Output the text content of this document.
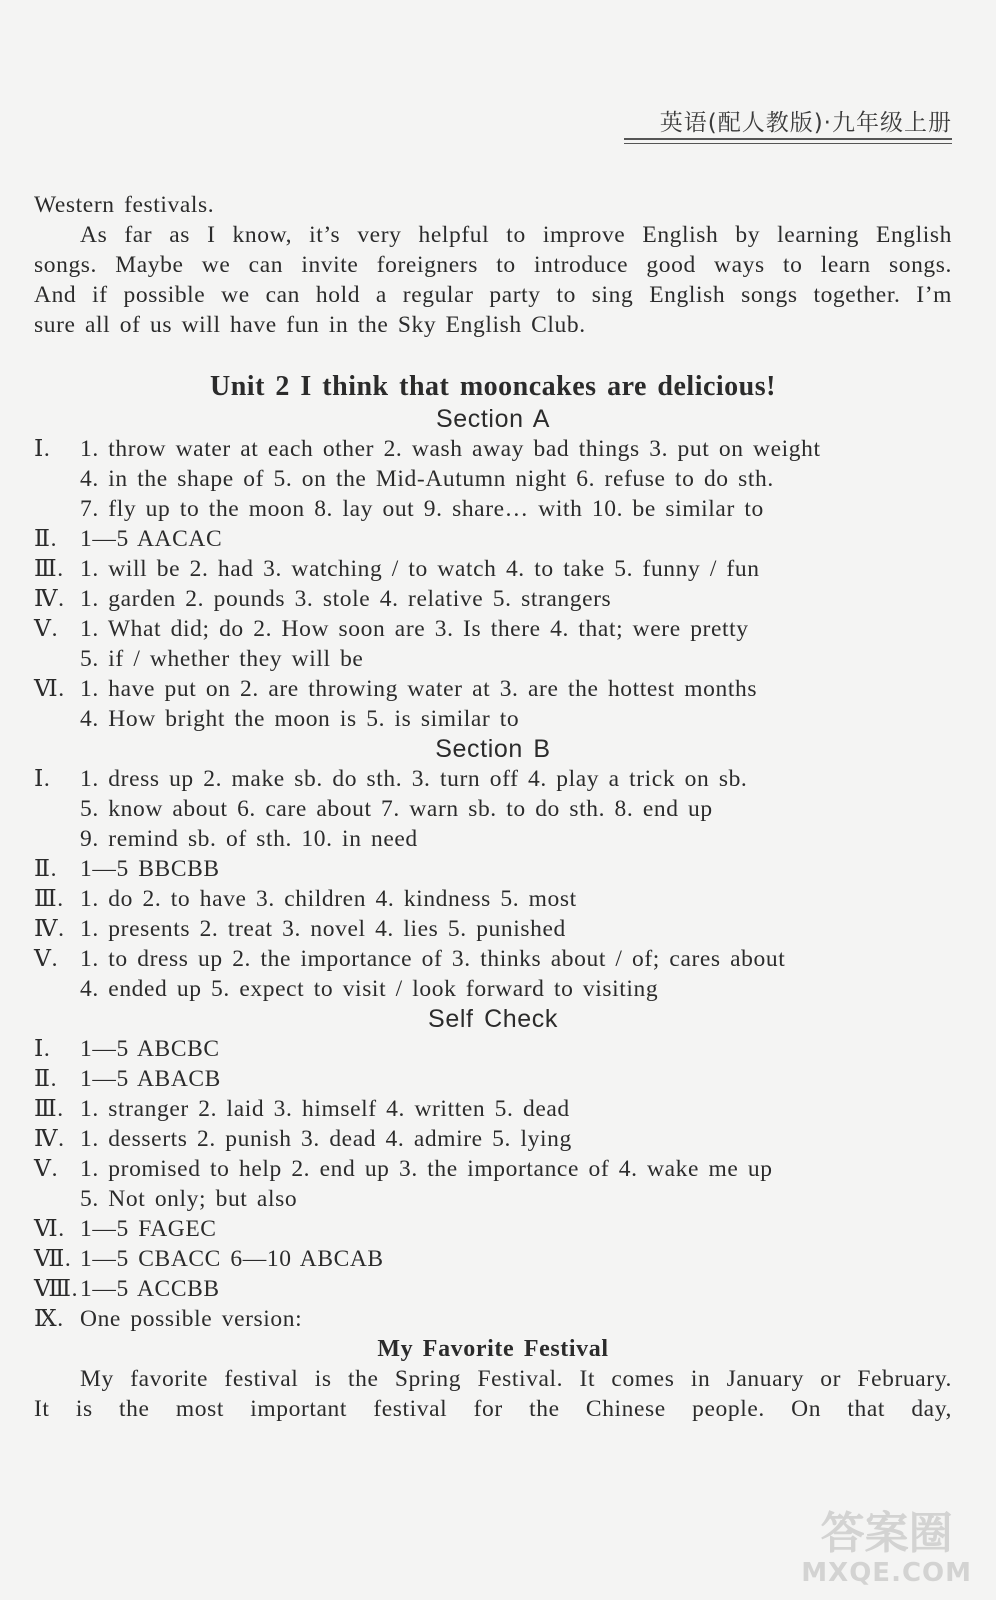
英语(配人教版)·九年级上册

Western festivals.

As far as I know, it’s very helpful to improve English by learning English

songs. Maybe we can invite foreigners to introduce good ways to learn songs.

And if possible we can hold a regular party to sing English songs together. I’m

sure all of us will have fun in the Sky English Club.

Unit 2 I think that mooncakes are delicious!
Section A
Ⅰ.	1. throw water at each other 2. wash away bad things 3. put on weight
4. in the shape of 5. on the Mid-Autumn night 6. refuse to do sth.
7. fly up to the moon 8. lay out 9. share… with 10. be similar to
Ⅱ. 1—5 AACAC
Ⅲ. 1. will be 2. had 3. watching / to watch 4. to take 5. funny / fun
Ⅳ. 1. garden 2. pounds 3. stole 4. relative 5. strangers
Ⅴ. 1. What did; do 2. How soon are 3. Is there 4. that; were pretty
5. if / whether they will be
Ⅵ. 1. have put on 2. are throwing water at 3. are the hottest months
4. How bright the moon is 5. is similar to
Section B
Ⅰ.	1. dress up 2. make sb. do sth. 3. turn off 4. play a trick on sb.
5. know about 6. care about 7. warn sb. to do sth. 8. end up
9. remind sb. of sth. 10. in need
Ⅱ. 1—5 BBCBB
Ⅲ. 1. do 2. to have 3. children 4. kindness 5. most
Ⅳ. 1. presents 2. treat 3. novel 4. lies 5. punished
Ⅴ. 1. to dress up 2. the importance of 3. thinks about / of; cares about
4. ended up 5. expect to visit / look forward to visiting
Self Check
Ⅰ.	1—5 ABCBC
Ⅱ. 1—5 ABACB
Ⅲ. 1. stranger 2. laid 3. himself 4. written 5. dead
Ⅳ. 1. desserts 2. punish 3. dead 4. admire 5. lying
Ⅴ. 1. promised to help 2. end up 3. the importance of 4. wake me up
5. Not only; but also
Ⅵ. 1—5 FAGEC
Ⅶ. 1—5 CBACC 6—10 ABCAB
Ⅷ. 1—5 ACCBB
Ⅸ. One possible version:
My Favorite Festival

My favorite festival is the Spring Festival. It comes in January or February.

It is the most important festival for the Chinese people. On that day,

答案圈
MXQE.COM
